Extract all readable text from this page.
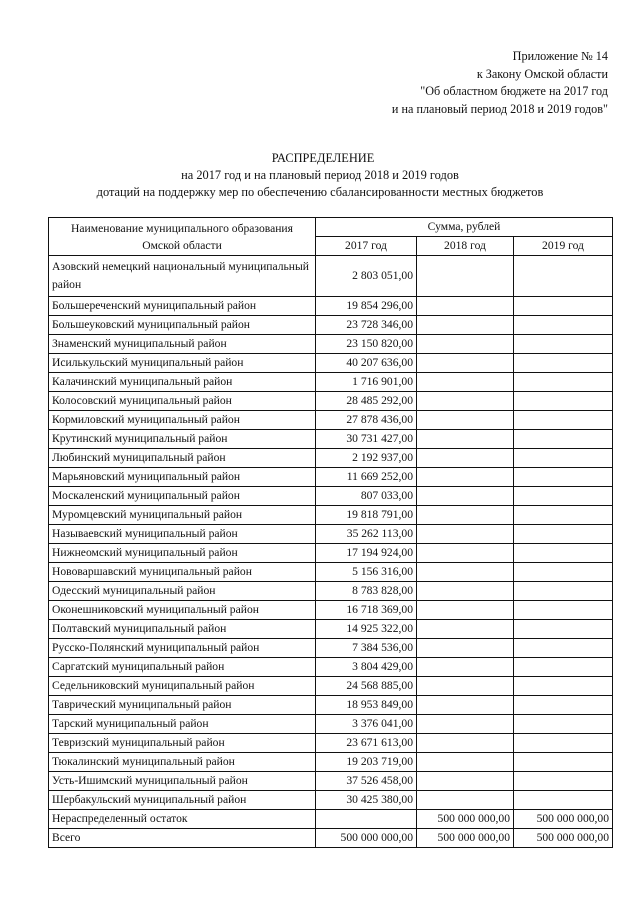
Приложение № 14
к Закону Омской области
"Об областном бюджете на 2017 год
и на плановый период 2018 и 2019 годов"
РАСПРЕДЕЛЕНИЕ
на 2017 год и на плановый период 2018 и 2019 годов
дотаций на поддержку мер по обеспечению сбалансированности местных бюджетов
Наименование муниципального образования
Омской области	Сумма, рублей		
	2017 год	2018 год	2019 год
Азовский немецкий национальный муниципальный район	2 803 051,00		
Большереченский муниципальный район	19 854 296,00		
Большеуковский муниципальный район	23 728 346,00		
Знаменский муниципальный район	23 150 820,00		
Исилькульский муниципальный район	40 207 636,00		
Калачинский муниципальный район	1 716 901,00		
Колосовский муниципальный район	28 485 292,00		
Кормиловский муниципальный район	27 878 436,00		
Крутинский муниципальный район	30 731 427,00		
Любинский муниципальный район	2 192 937,00		
Марьяновский муниципальный район	11 669 252,00		
Москаленский муниципальный район	807 033,00		
Муромцевский муниципальный район	19 818 791,00		
Называевский муниципальный район	35 262 113,00		
Нижнеомский муниципальный район	17 194 924,00		
Нововаршавский муниципальный район	5 156 316,00		
Одесский муниципальный район	8 783 828,00		
Оконешниковский муниципальный район	16 718 369,00		
Полтавский муниципальный район	14 925 322,00		
Русско-Полянский муниципальный район	7 384 536,00		
Саргатский муниципальный район	3 804 429,00		
Седельниковский муниципальный район	24 568 885,00		
Таврический муниципальный район	18 953 849,00		
Тарский муниципальный район	3 376 041,00		
Тевризский муниципальный район	23 671 613,00		
Тюкалинский муниципальный район	19 203 719,00		
Усть-Ишимский муниципальный район	37 526 458,00		
Шербакульский муниципальный район	30 425 380,00		
Нераспределенный остаток		500 000 000,00	500 000 000,00
Всего	500 000 000,00	500 000 000,00	500 000 000,00
